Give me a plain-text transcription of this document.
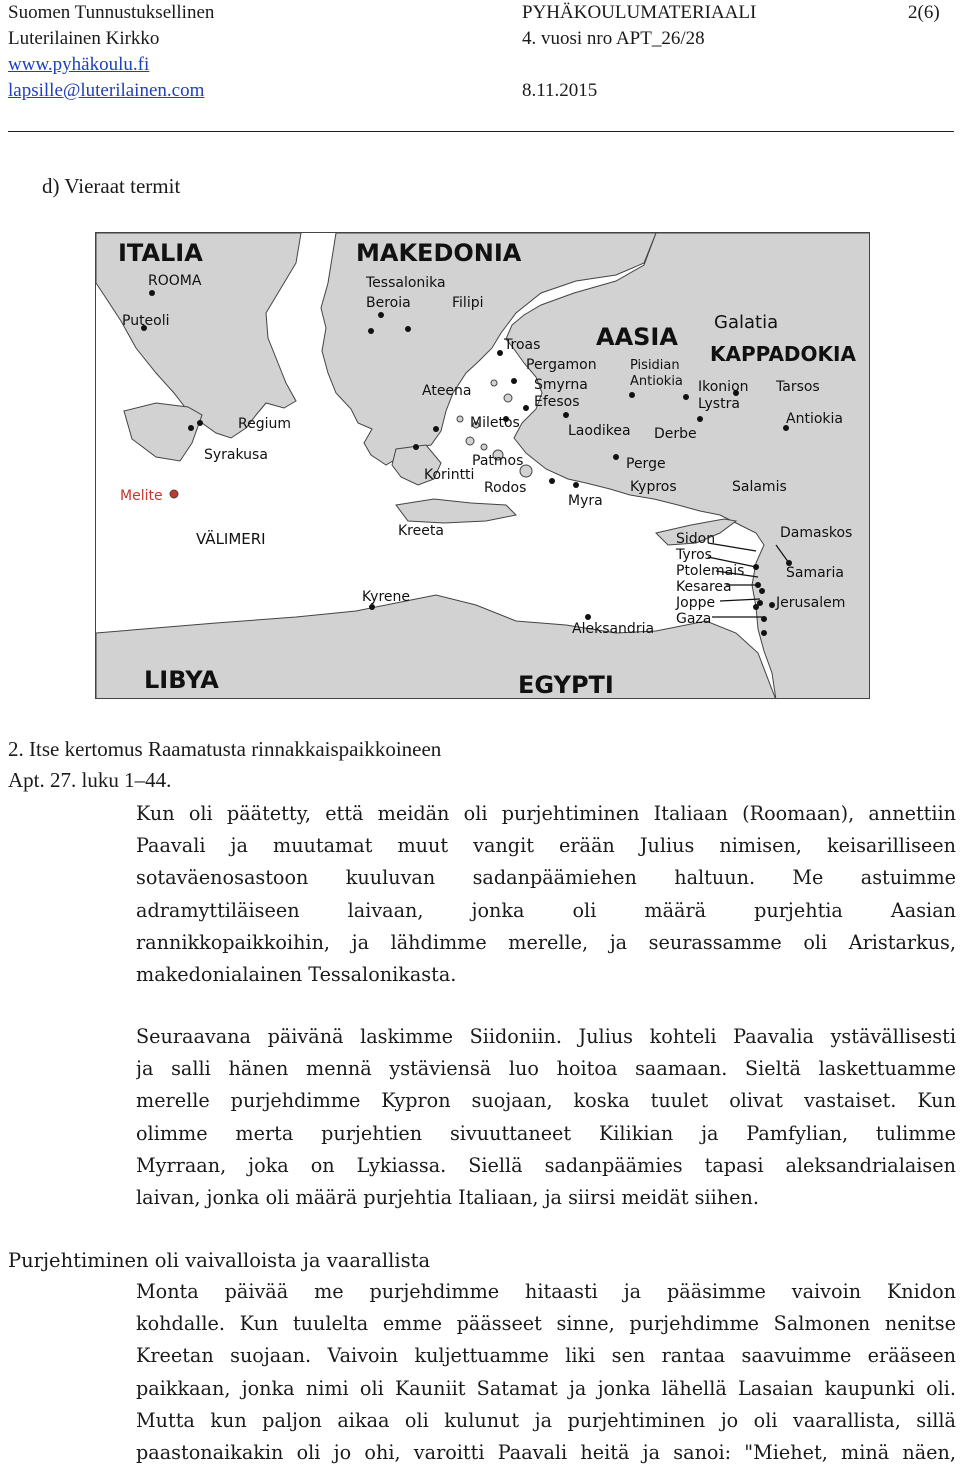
Suomen Tunnustuksellinen
Luterilainen Kirkko
www.pyhäkoulu.fi
lapsille@luterilainen.com
PYHÄKOULUMATERIAALI
4. vuosi nro APT_26/28

8.11.2015
2(6)
d) Vieraat termit
ITALIA	MAKEDONIA
AASIA
KAPPADOKIA
Galatia
VÄLIMERI
LIBYA	EGYPTI
ROOMA
Puteoli
Regium
Syrakusa
Melite
Tessalonika
Beroia	Filipi
Troas
Pergamon
Smyrna
Efesos
Ateena
Miletos
Korintti
Patmos
Rodos
Kreeta
Kyrene
Pisidian Antiokia Ikonion
Lystra
Derbe
Laodikea
Perge
Kypros
Myra
Salamis
Tarsos
Antiokia
Sidon
Tyros
Ptolemais
Kesarea
Joppe
Gaza
Damaskos
Samaria
Jerusalem
Aleksandria
2. Itse kertomus Raamatusta rinnakkaispaikkoineen
Apt. 27. luku 1–44.
Kun oli päätetty, että meidän oli purjehtiminen Italiaan (Roomaan), annettiin
Paavali ja muutamat muut vangit erään Julius nimisen, keisarilliseen
sotaväenosastoon kuuluvan sadanpäämiehen haltuun. Me astuimme
adramyttiläiseen laivaan, jonka oli määrä purjehtia Aasian
rannikkopaikkoihin, ja lähdimme merelle, ja seurassamme oli Aristarkus,
makedonialainen Tessalonikasta.
Seuraavana päivänä laskimme Siidoniin. Julius kohteli Paavalia ystävällisesti
ja salli hänen mennä ystäviensä luo hoitoa saamaan. Sieltä laskettuamme
merelle purjehdimme Kypron suojaan, koska tuulet olivat vastaiset. Kun
olimme merta purjehtien sivuuttaneet Kilikian ja Pamfylian, tulimme
Myrraan, joka on Lykiassa. Siellä sadanpäämies tapasi aleksandrialaisen
laivan, jonka oli määrä purjehtia Italiaan, ja siirsi meidät siihen.
Purjehtiminen oli vaivalloista ja vaarallista
Monta päivää me purjehdimme hitaasti ja pääsimme vaivoin Knidon
kohdalle. Kun tuulelta emme päässeet sinne, purjehdimme Salmonen nenitse
Kreetan suojaan. Vaivoin kuljettuamme liki sen rantaa saavuimme erääseen
paikkaan, jonka nimi oli Kauniit Satamat ja jonka lähellä Lasaian kaupunki oli.
Mutta kun paljon aikaa oli kulunut ja purjehtiminen jo oli vaarallista, sillä
paastonaikakin oli jo ohi, varoitti Paavali heitä ja sanoi: "Miehet, minä näen,
